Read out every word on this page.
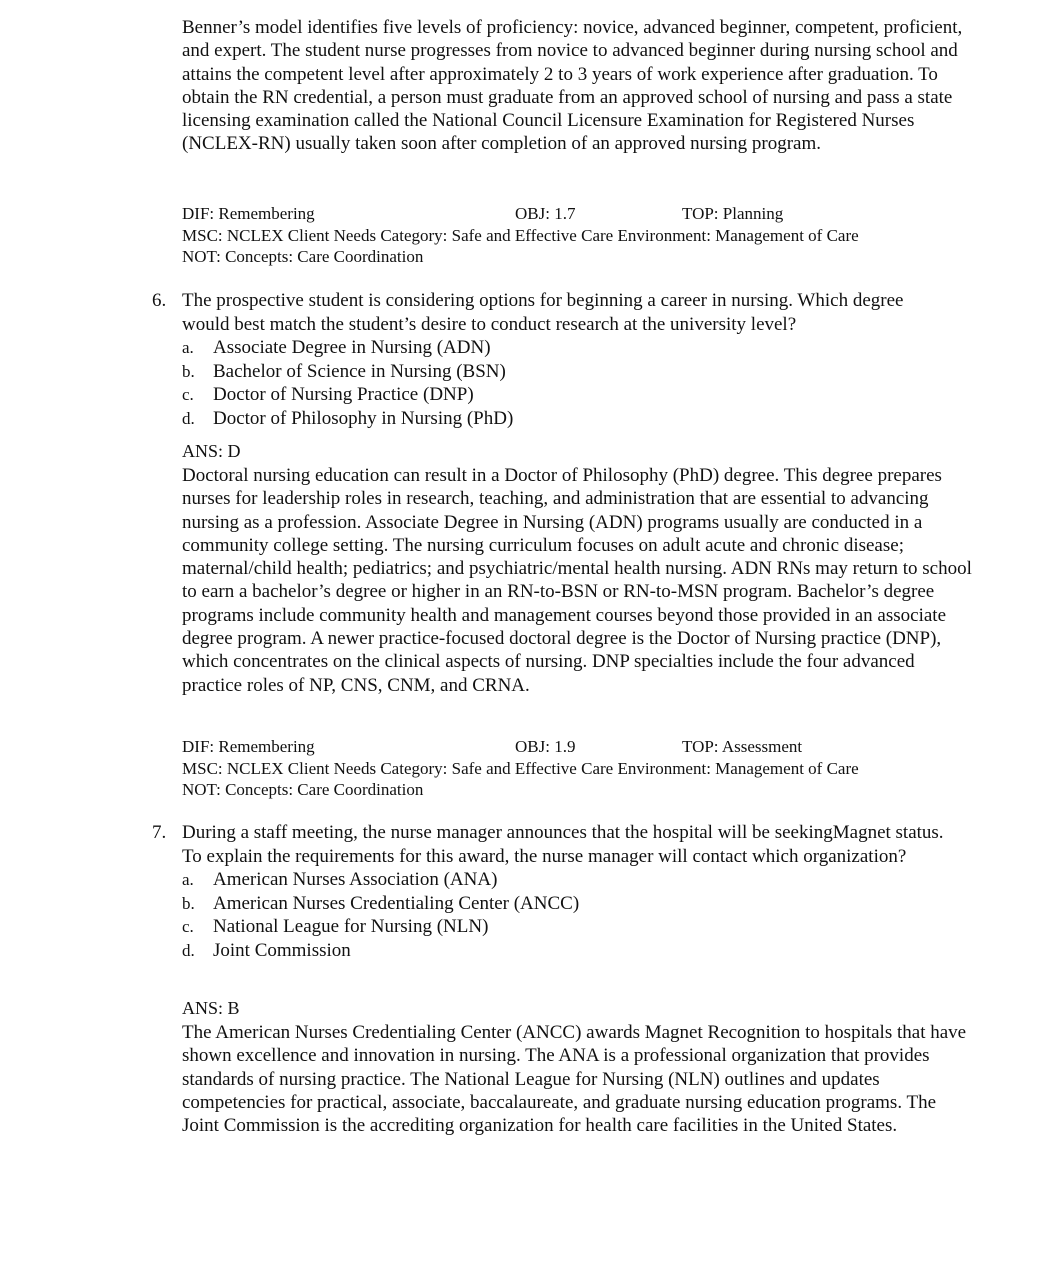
Benner’s model identifies five levels of proficiency: novice, advanced beginner, competent, proficient, and expert. The student nurse progresses from novice to advanced beginner during nursing school and attains the competent level after approximately 2 to 3 years of work experience after graduation. To obtain the RN credential, a person must graduate from an approved school of nursing and pass a state licensing examination called the National Council Licensure Examination for Registered Nurses (NCLEX-RN) usually taken soon after completion of an approved nursing program.

DIF: Remembering	OBJ: 1.7	TOP: Planning
MSC: NCLEX Client Needs Category: Safe and Effective Care Environment: Management of Care
NOT: Concepts: Care Coordination
6. The prospective student is considering options for beginning a career in nursing. Which degree would best match the student’s desire to conduct research at the university level?
a.	Associate Degree in Nursing (ADN)
b. Bachelor of Science in Nursing (BSN)
c.	Doctor of Nursing Practice (DNP)
d. Doctor of Philosophy in Nursing (PhD)
ANS: D

Doctoral nursing education can result in a Doctor of Philosophy (PhD) degree. This degree prepares nurses for leadership roles in research, teaching, and administration that are essential to advancing nursing as a profession. Associate Degree in Nursing (ADN) programs usually are conducted in a community college setting. The nursing curriculum focuses on adult acute and chronic disease; maternal/child health; pediatrics; and psychiatric/mental health nursing. ADN RNs may return to school to earn a bachelor’s degree or higher in an RN-to-BSN or RN-to-MSN program. Bachelor’s degree programs include community health and management courses beyond those provided in an associate degree program. A newer practice-focused doctoral degree is the Doctor of Nursing practice (DNP), which concentrates on the clinical aspects of nursing. DNP specialties include the four advanced practice roles of NP, CNS, CNM, and CRNA.

DIF: Remembering	OBJ: 1.9	TOP: Assessment
MSC: NCLEX Client Needs Category: Safe and Effective Care Environment: Management of Care
NOT: Concepts: Care Coordination
7. During a staff meeting, the nurse manager announces that the hospital will be seekingMagnet status. To explain the requirements for this award, the nurse manager will contact which organization?
a.	American Nurses Association (ANA)
b. American Nurses Credentialing Center (ANCC)
c.	National League for Nursing (NLN)
d. Joint Commission
ANS: B

The American Nurses Credentialing Center (ANCC) awards Magnet Recognition to hospitals that have shown excellence and innovation in nursing. The ANA is a professional organization that provides standards of nursing practice. The National League for Nursing (NLN) outlines and updates competencies for practical, associate, baccalaureate, and graduate nursing education programs. The Joint Commission is the accrediting organization for health care facilities in the United States.
